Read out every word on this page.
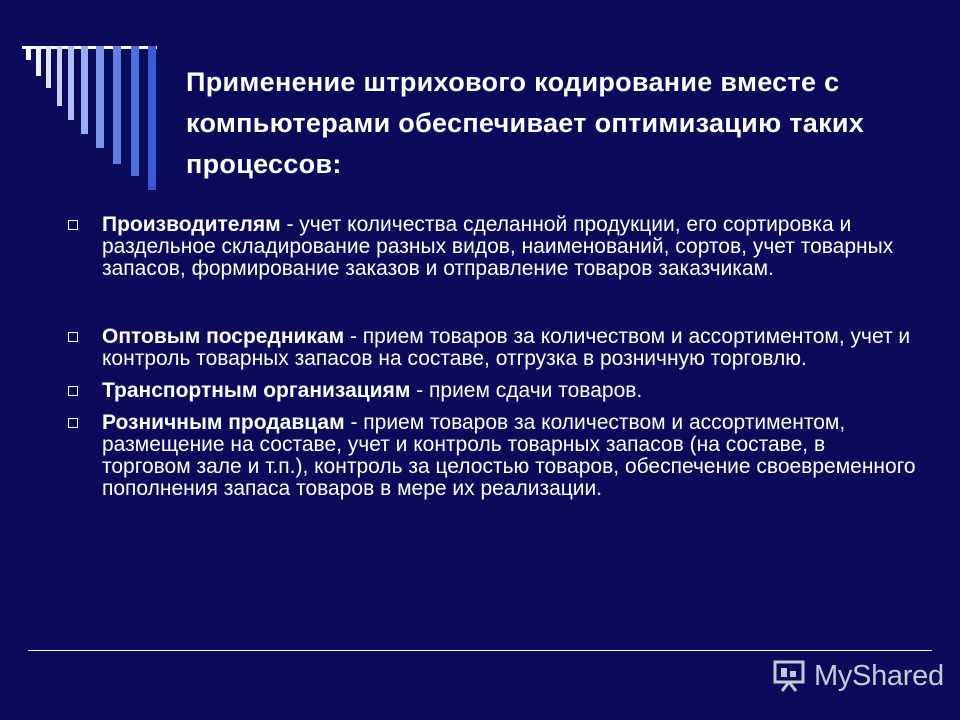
Применение штрихового кодирование вместе с компьютерами обеспечивает оптимизацию таких процессов:
Производителям - учет количества сделанной продукции, его сортировка и раздельное складирование разных видов, наименований, сортов, учет товарных запасов, формирование заказов и отправление товаров заказчикам.
Оптовым посредникам - прием товаров за количеством и ассортиментом, учет и контроль товарных запасов на составе, отгрузка в розничную торговлю.
Транспортным организациям - прием сдачи товаров.
Розничным продавцам - прием товаров за количеством и ассортиментом, размещение на составе, учет и контроль товарных запасов (на составе, в торговом зале и т.п.), контроль за целостью товаров, обеспечение своевременного пополнения запаса товаров в мере их реализации.
MyShared
